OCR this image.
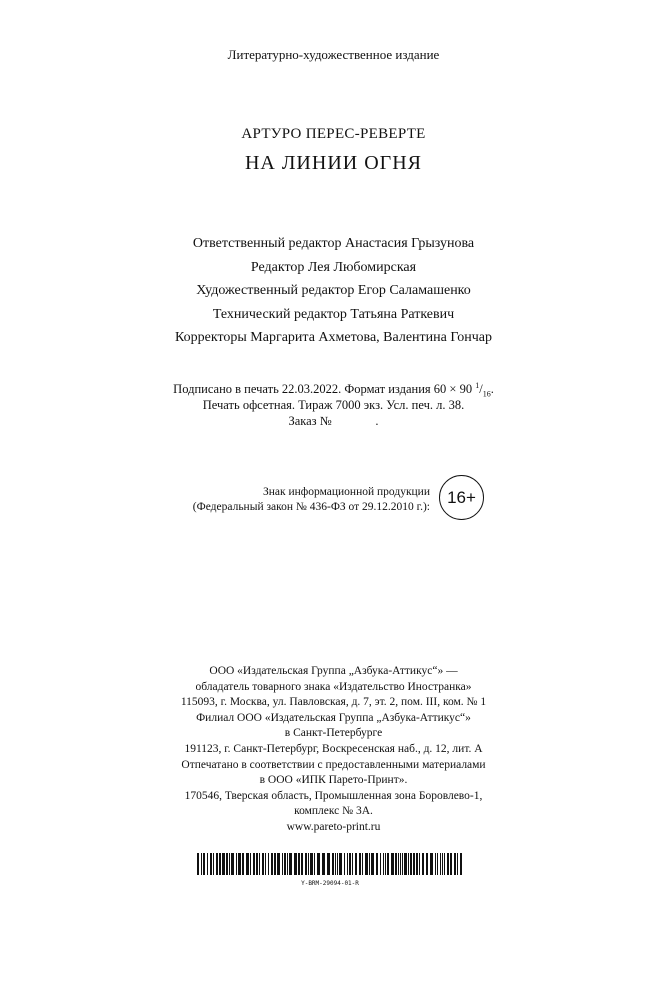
Литературно-художественное издание
АРТУРО ПЕРЕС-РЕВЕРТЕ
НА ЛИНИИ ОГНЯ
Ответственный редактор Анастасия Грызунова
Редактор Лея Любомирская
Художественный редактор Егор Саламашенко
Технический редактор Татьяна Раткевич
Корректоры Маргарита Ахметова, Валентина Гончар
Подписано в печать 22.03.2022. Формат издания 60 × 90 $^1/_{16}$.
Печать офсетная. Тираж 7000 экз. Усл. печ. л. 38.
Заказ №              .
Знак информационной продукции
(Федеральный закон № 436-ФЗ от 29.12.2010 г.):
16+
ООО «Издательская Группа „Азбука-Аттикус“» —
обладатель товарного знака «Издательство Иностранка»
115093, г. Москва, ул. Павловская, д. 7, эт. 2, пом. III, ком. № 1
Филиал ООО «Издательская Группа „Азбука-Аттикус“»
в Санкт-Петербурге
191123, г. Санкт-Петербург, Воскресенская наб., д. 12, лит. А
Отпечатано в соответствии с предоставленными материалами
в ООО «ИПК Парето-Принт».
170546, Тверская область, Промышленная зона Боровлево-1,
комплекс № 3А.
www.pareto-print.ru
Y-BRM-29094-01-R
